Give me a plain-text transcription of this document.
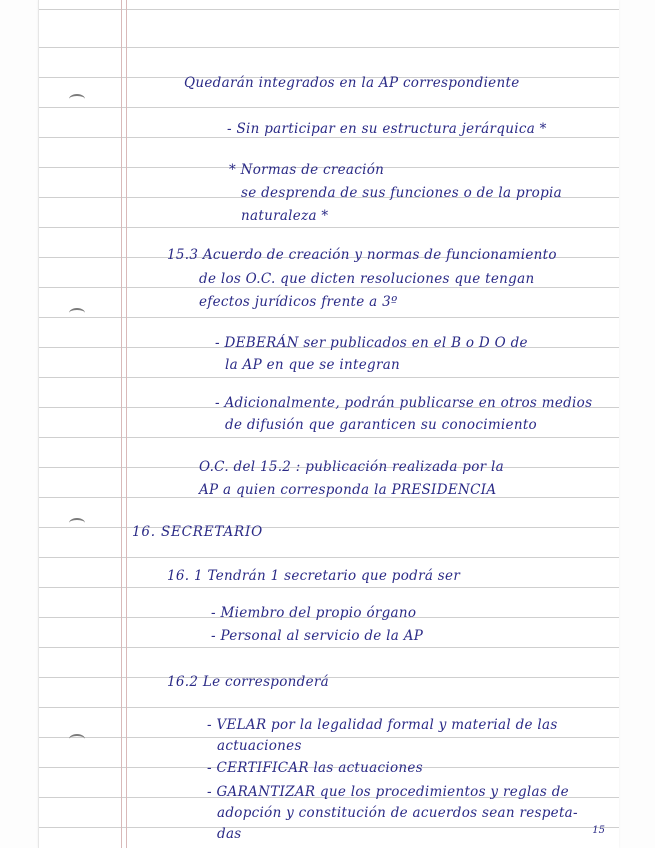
Quedarán integrados en la AP correspondiente
- Sin participar en su estructura jerárquica *
* Normas de creación
se desprenda de sus funciones o de la propia
naturaleza *
15.3 Acuerdo de creación y normas de funcionamiento
de los O.C. que dicten resoluciones que tengan
efectos jurídicos frente a 3º
- DEBERÁN ser publicados en el B o D O de
la AP en que se integran
- Adicionalmente, podrán publicarse en otros medios
de difusión que garanticen su conocimiento
O.C. del 15.2 : publicación realizada por la
AP a quien corresponda la PRESIDENCIA
16. SECRETARIO
16. 1 Tendrán 1 secretario que podrá ser
- Miembro del propio órgano
- Personal al servicio de la AP
16.2 Le corresponderá
- VELAR por la legalidad formal y material de las
actuaciones
- CERTIFICAR las actuaciones
- GARANTIZAR que los procedimientos y reglas de
adopción y constitución de acuerdos sean respeta-
das	15
